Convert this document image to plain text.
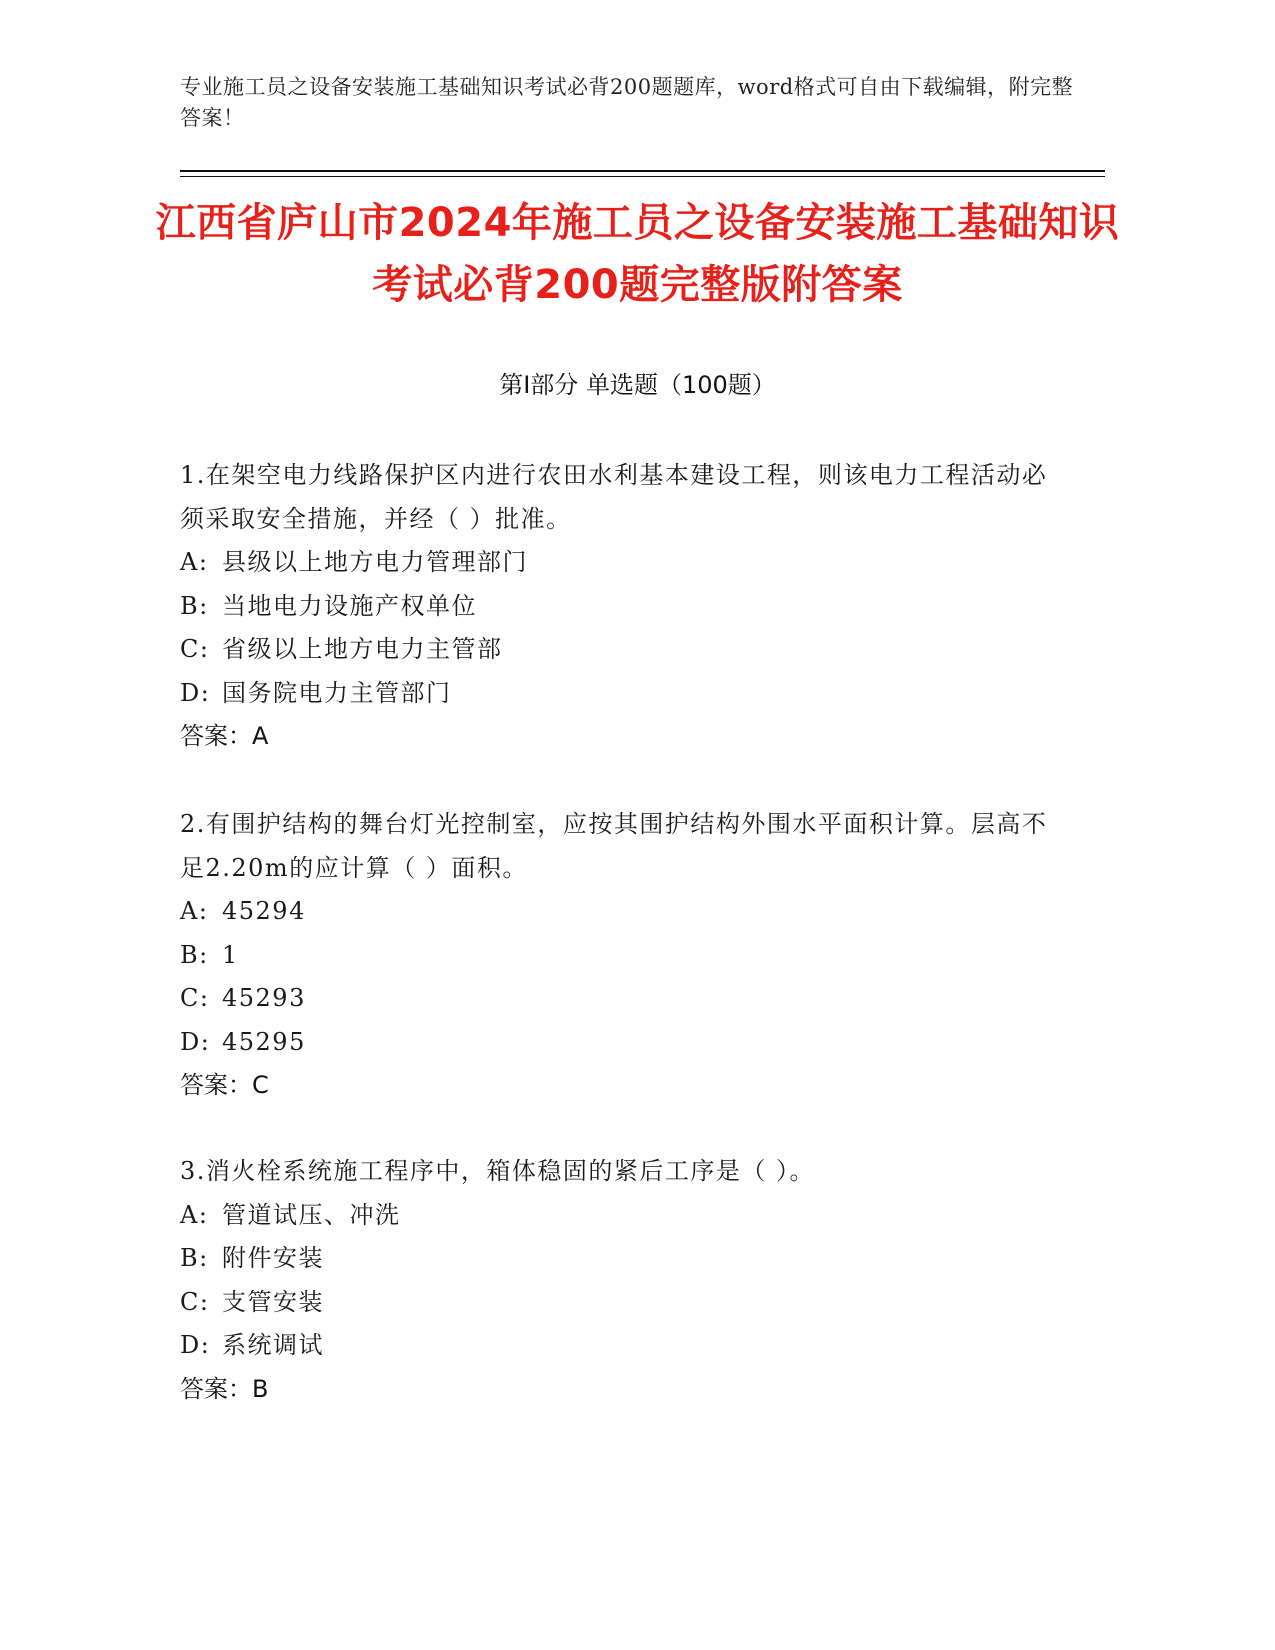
专业施工员之设备安装施工基础知识考试必背200题题库，word格式可自由下载编辑，附完整答案！
江西省庐山市2024年施工员之设备安装施工基础知识考试必背200题完整版附答案
第Ⅰ部分 单选题（100题）
1.在架空电力线路保护区内进行农田水利基本建设工程，则该电力工程活动必须采取安全措施，并经（ ）批准。
A: 县级以上地方电力管理部门
B: 当地电力设施产权单位
C: 省级以上地方电力主管部
D: 国务院电力主管部门
答案：A
2.有围护结构的舞台灯光控制室，应按其围护结构外围水平面积计算。层高不足2.20m的应计算（ ）面积。
A: 45294
B: 1
C: 45293
D: 45295
答案：C
3.消火栓系统施工程序中，箱体稳固的紧后工序是（ ）。
A: 管道试压、冲洗
B: 附件安装
C: 支管安装
D: 系统调试
答案：B
